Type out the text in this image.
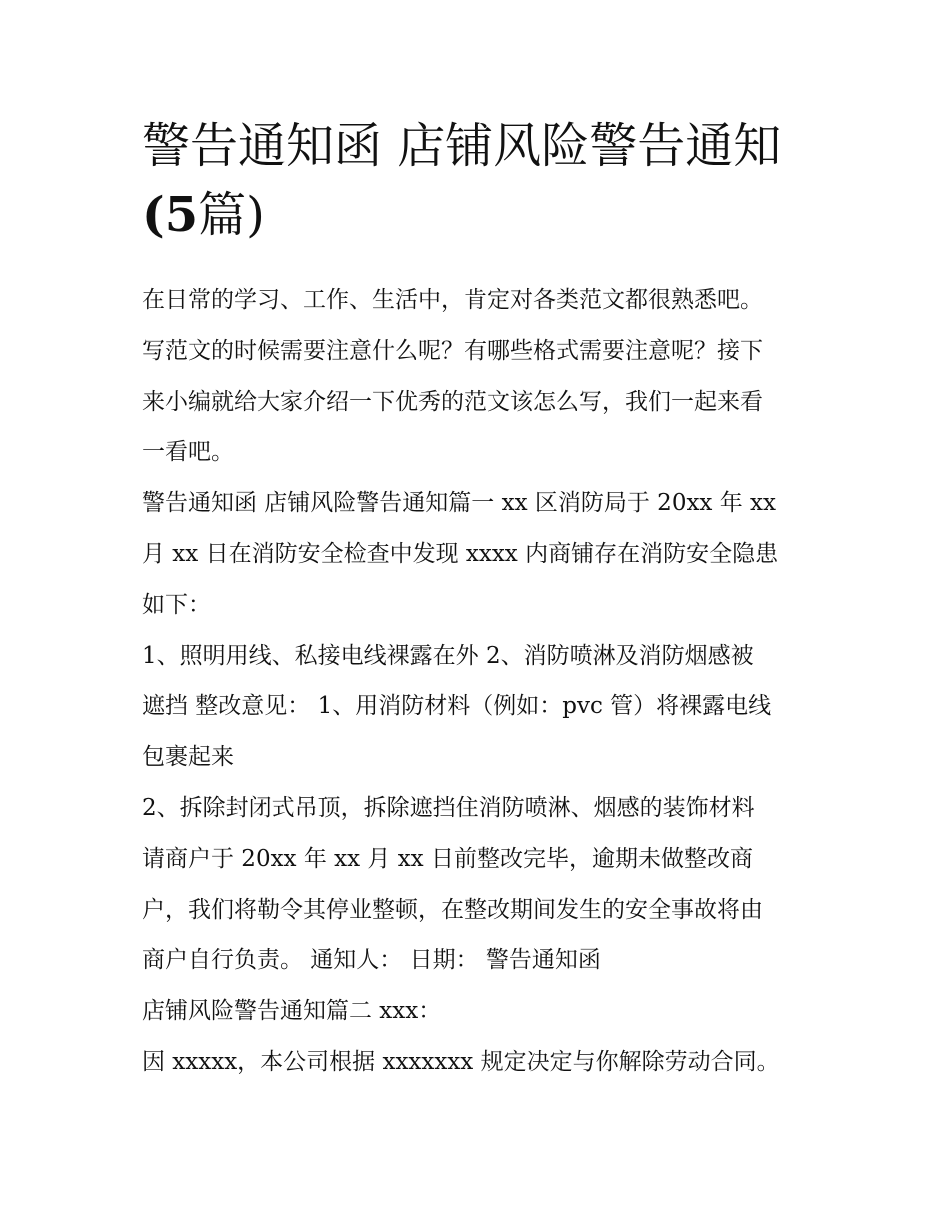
警告通知函 店铺风险警告通知
(5篇)

在日常的学习、工作、生活中，肯定对各类范文都很熟悉吧。

写范文的时候需要注意什么呢？有哪些格式需要注意呢？接下

来小编就给大家介绍一下优秀的范文该怎么写，我们一起来看

一看吧。

警告通知函 店铺风险警告通知篇一 xx 区消防局于 20xx 年 xx

月 xx 日在消防安全检查中发现 xxxx 内商铺存在消防安全隐患

如下：

1、照明用线、私接电线裸露在外 2、消防喷淋及消防烟感被

遮挡 整改意见： 1、用消防材料（例如：pvc 管）将裸露电线

包裹起来

2、拆除封闭式吊顶，拆除遮挡住消防喷淋、烟感的装饰材料

请商户于 20xx 年 xx 月 xx 日前整改完毕，逾期未做整改商

户，我们将勒令其停业整顿，在整改期间发生的安全事故将由

商户自行负责。 通知人： 日期： 警告通知函

店铺风险警告通知篇二 xxx：

因 xxxxx，本公司根据 xxxxxxx 规定决定与你解除劳动合同。
